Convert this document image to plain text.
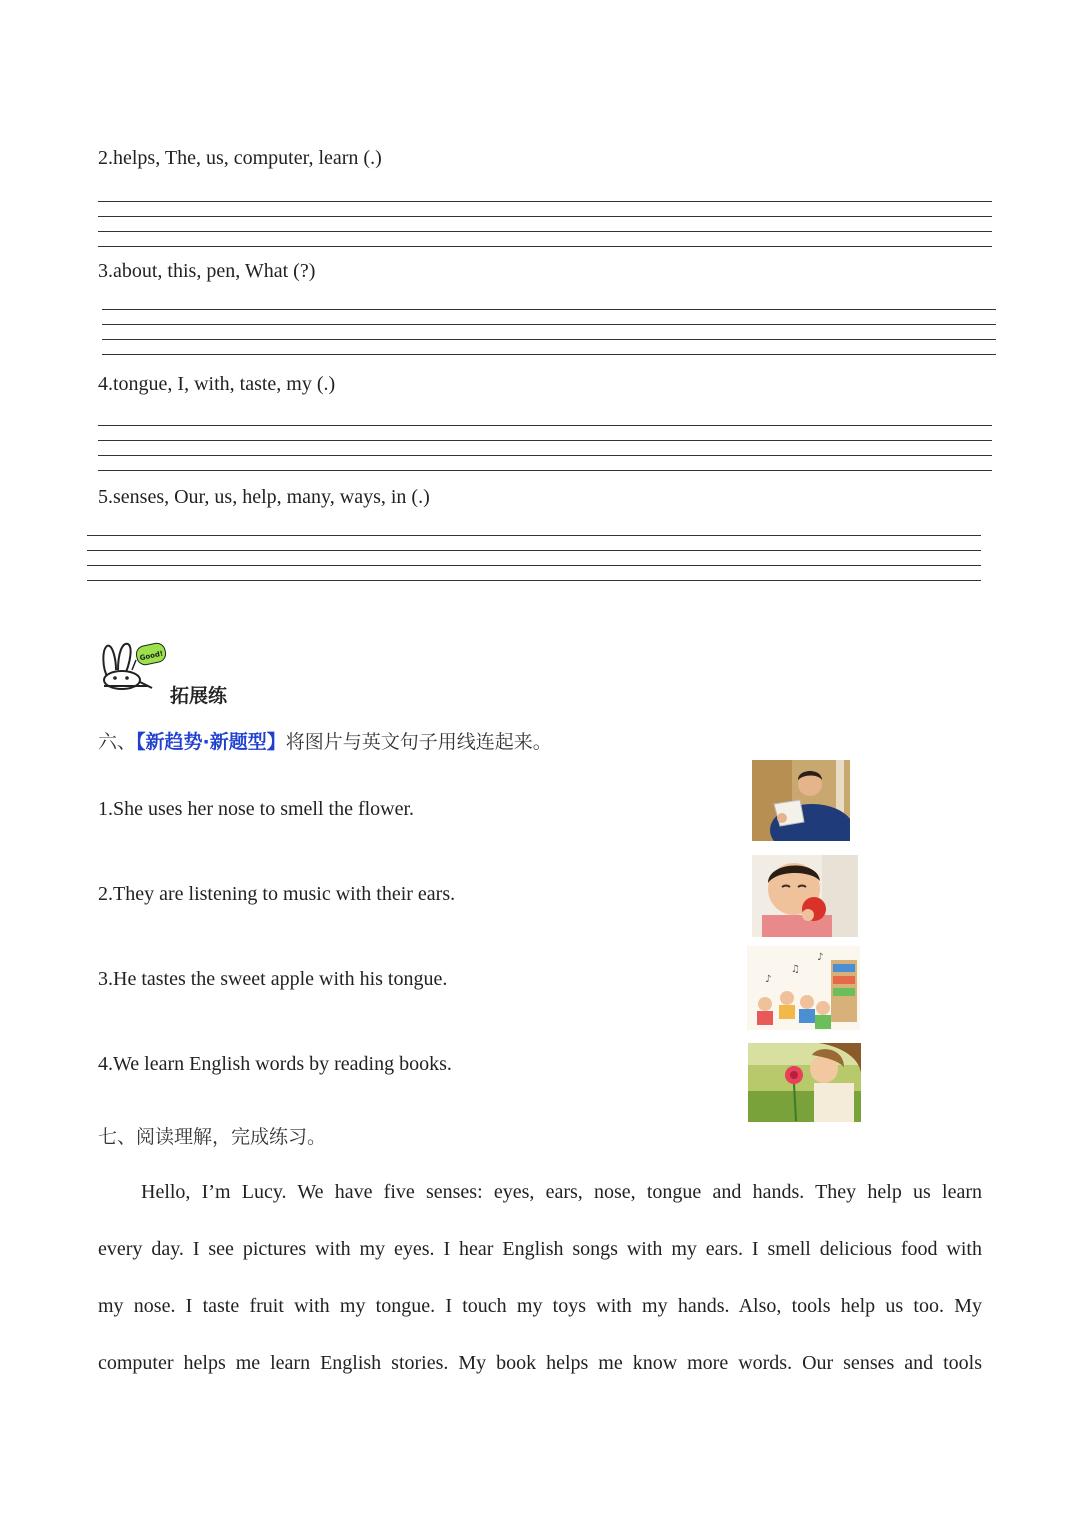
2.helps, The, us, computer, learn (.)
3.about, this, pen, What (?)
4.tongue, I, with, taste, my (.)
5.senses, Our, us, help, many, ways, in (.)
Good!
拓展练
六、【新趋势·新题型】将图片与英文句子用线连起来。
1.She uses her nose to smell the flower.
2.They are listening to music with their ears.
3.He tastes the sweet apple with his tongue.
4.We learn English words by reading books.
♪
♫
♪
七、阅读理解，完成练习。
Hello, I’m Lucy. We have five senses: eyes, ears, nose, tongue and hands. They help us learn
every day. I see pictures with my eyes. I hear English songs with my ears. I smell delicious food with
my nose. I taste fruit with my tongue. I touch my toys with my hands. Also, tools help us too. My
computer helps me learn English stories. My book helps me know more words. Our senses and tools
